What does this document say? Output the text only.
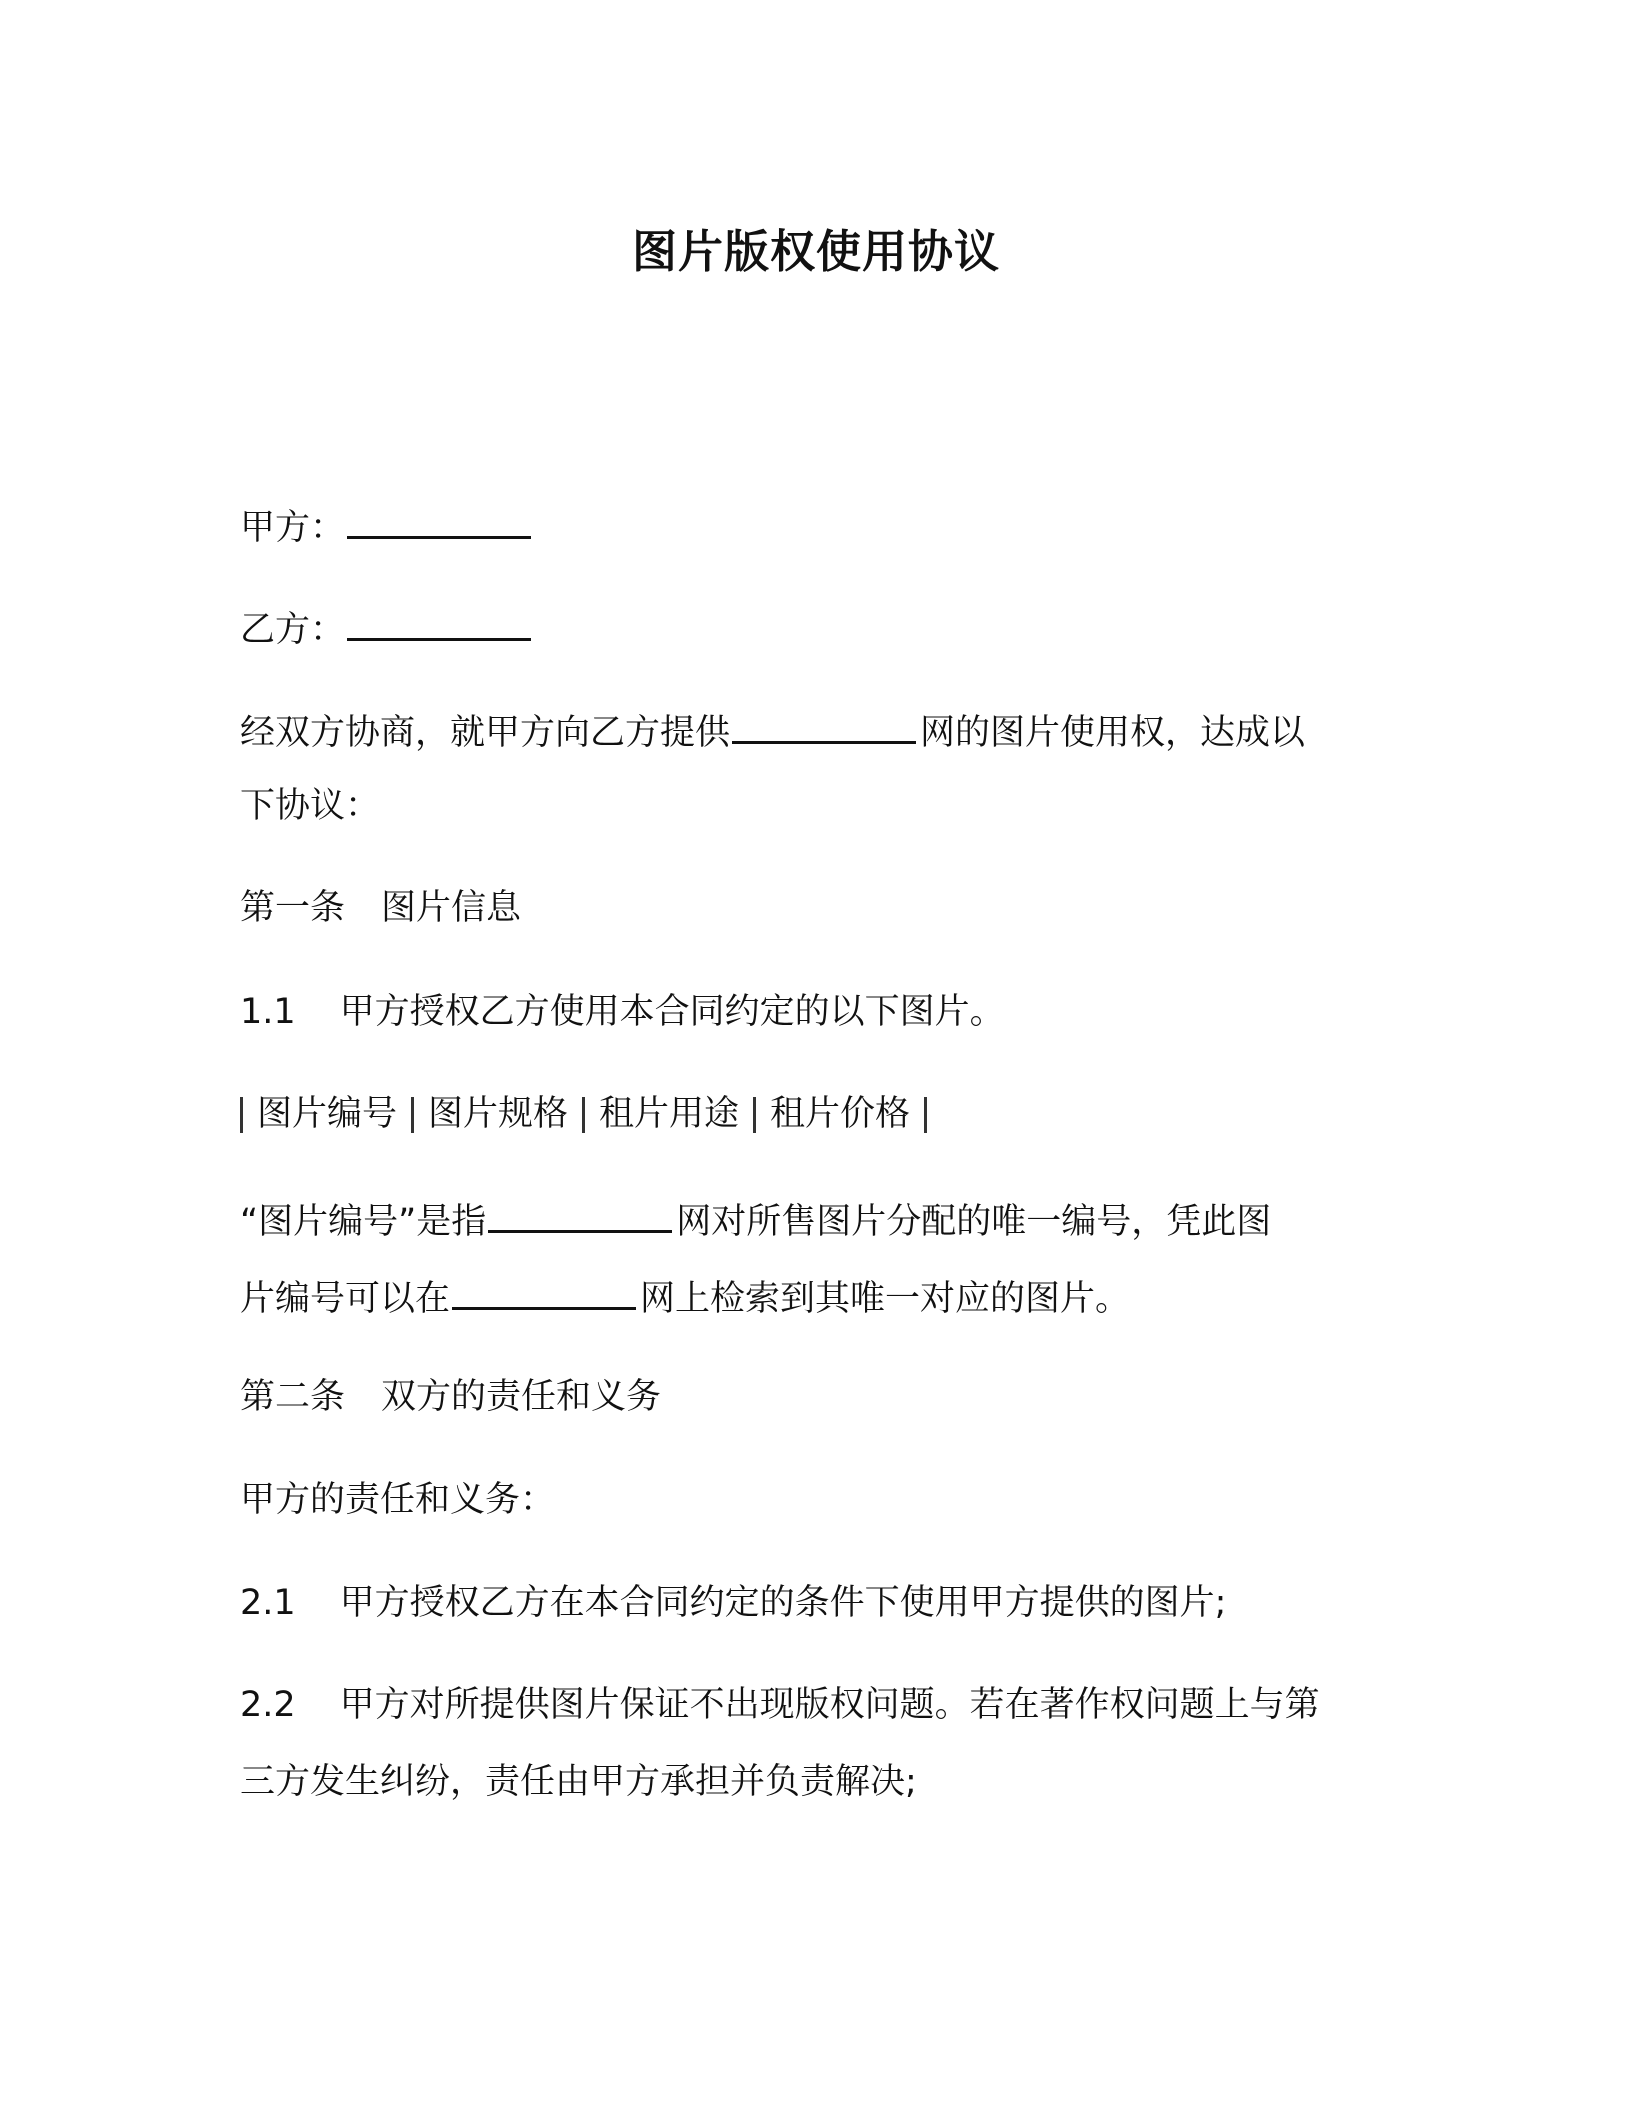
图片版权使用协议
甲方：
乙方：
经双方协商，就甲方向乙方提供	网的图片使用权，达成以
下协议：
第一条 图片信息
1.1 甲方授权乙方使用本合同约定的以下图片。
图片编号 图片规格 租片用途 租片价格
“图片编号”是指	网对所售图片分配的唯一编号，凭此图
片编号可以在	网上检索到其唯一对应的图片。
第二条 双方的责任和义务
甲方的责任和义务：
2.1 甲方授权乙方在本合同约定的条件下使用甲方提供的图片;
2.2 甲方对所提供图片保证不出现版权问题。若在著作权问题上与第
三方发生纠纷，责任由甲方承担并负责解决;
